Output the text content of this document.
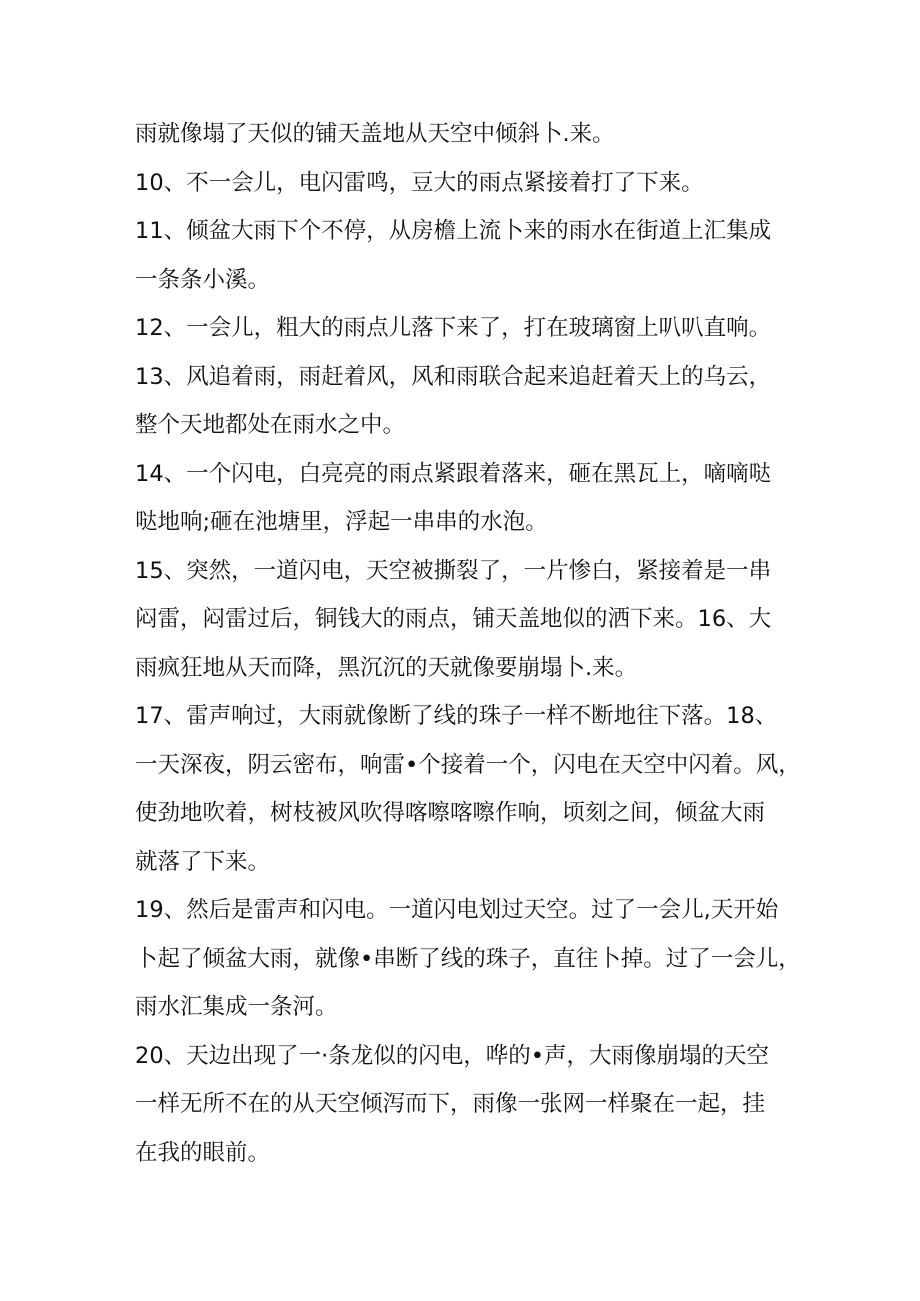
雨就像塌了天似的铺天盖地从天空中倾斜卜.来。

10、不一会儿，电闪雷鸣，豆大的雨点紧接着打了下来。

11、倾盆大雨下个不停，从房檐上流卜来的雨水在街道上汇集成
一条条小溪。

12、一会儿，粗大的雨点儿落下来了，打在玻璃窗上叭叭直响。

13、风追着雨，雨赶着风，风和雨联合起来追赶着天上的乌云，
整个天地都处在雨水之中。

14、一个闪电，白亮亮的雨点紧跟着落来，砸在黑瓦上，嘀嘀哒
哒地响;砸在池塘里，浮起一串串的水泡。

15、突然，一道闪电，天空被撕裂了，一片惨白，紧接着是一串
闷雷，闷雷过后，铜钱大的雨点，铺天盖地似的洒下来。16、大
雨疯狂地从天而降，黑沉沉的天就像要崩塌卜.来。

17、雷声响过，大雨就像断了线的珠子一样不断地往下落。18、
一天深夜，阴云密布，响雷•个接着一个，闪电在天空中闪着。风，
使劲地吹着，树枝被风吹得喀嚓喀嚓作响，顷刻之间，倾盆大雨
就落了下来。

19、然后是雷声和闪电。一道闪电划过天空。过了一会儿,天开始
卜起了倾盆大雨，就像•串断了线的珠子，直往卜掉。过了一会儿，
雨水汇集成一条河。

20、天边出现了一·条龙似的闪电，哗的•声，大雨像崩塌的天空
一样无所不在的从天空倾泻而下，雨像一张网一样聚在一起，挂
在我的眼前。
